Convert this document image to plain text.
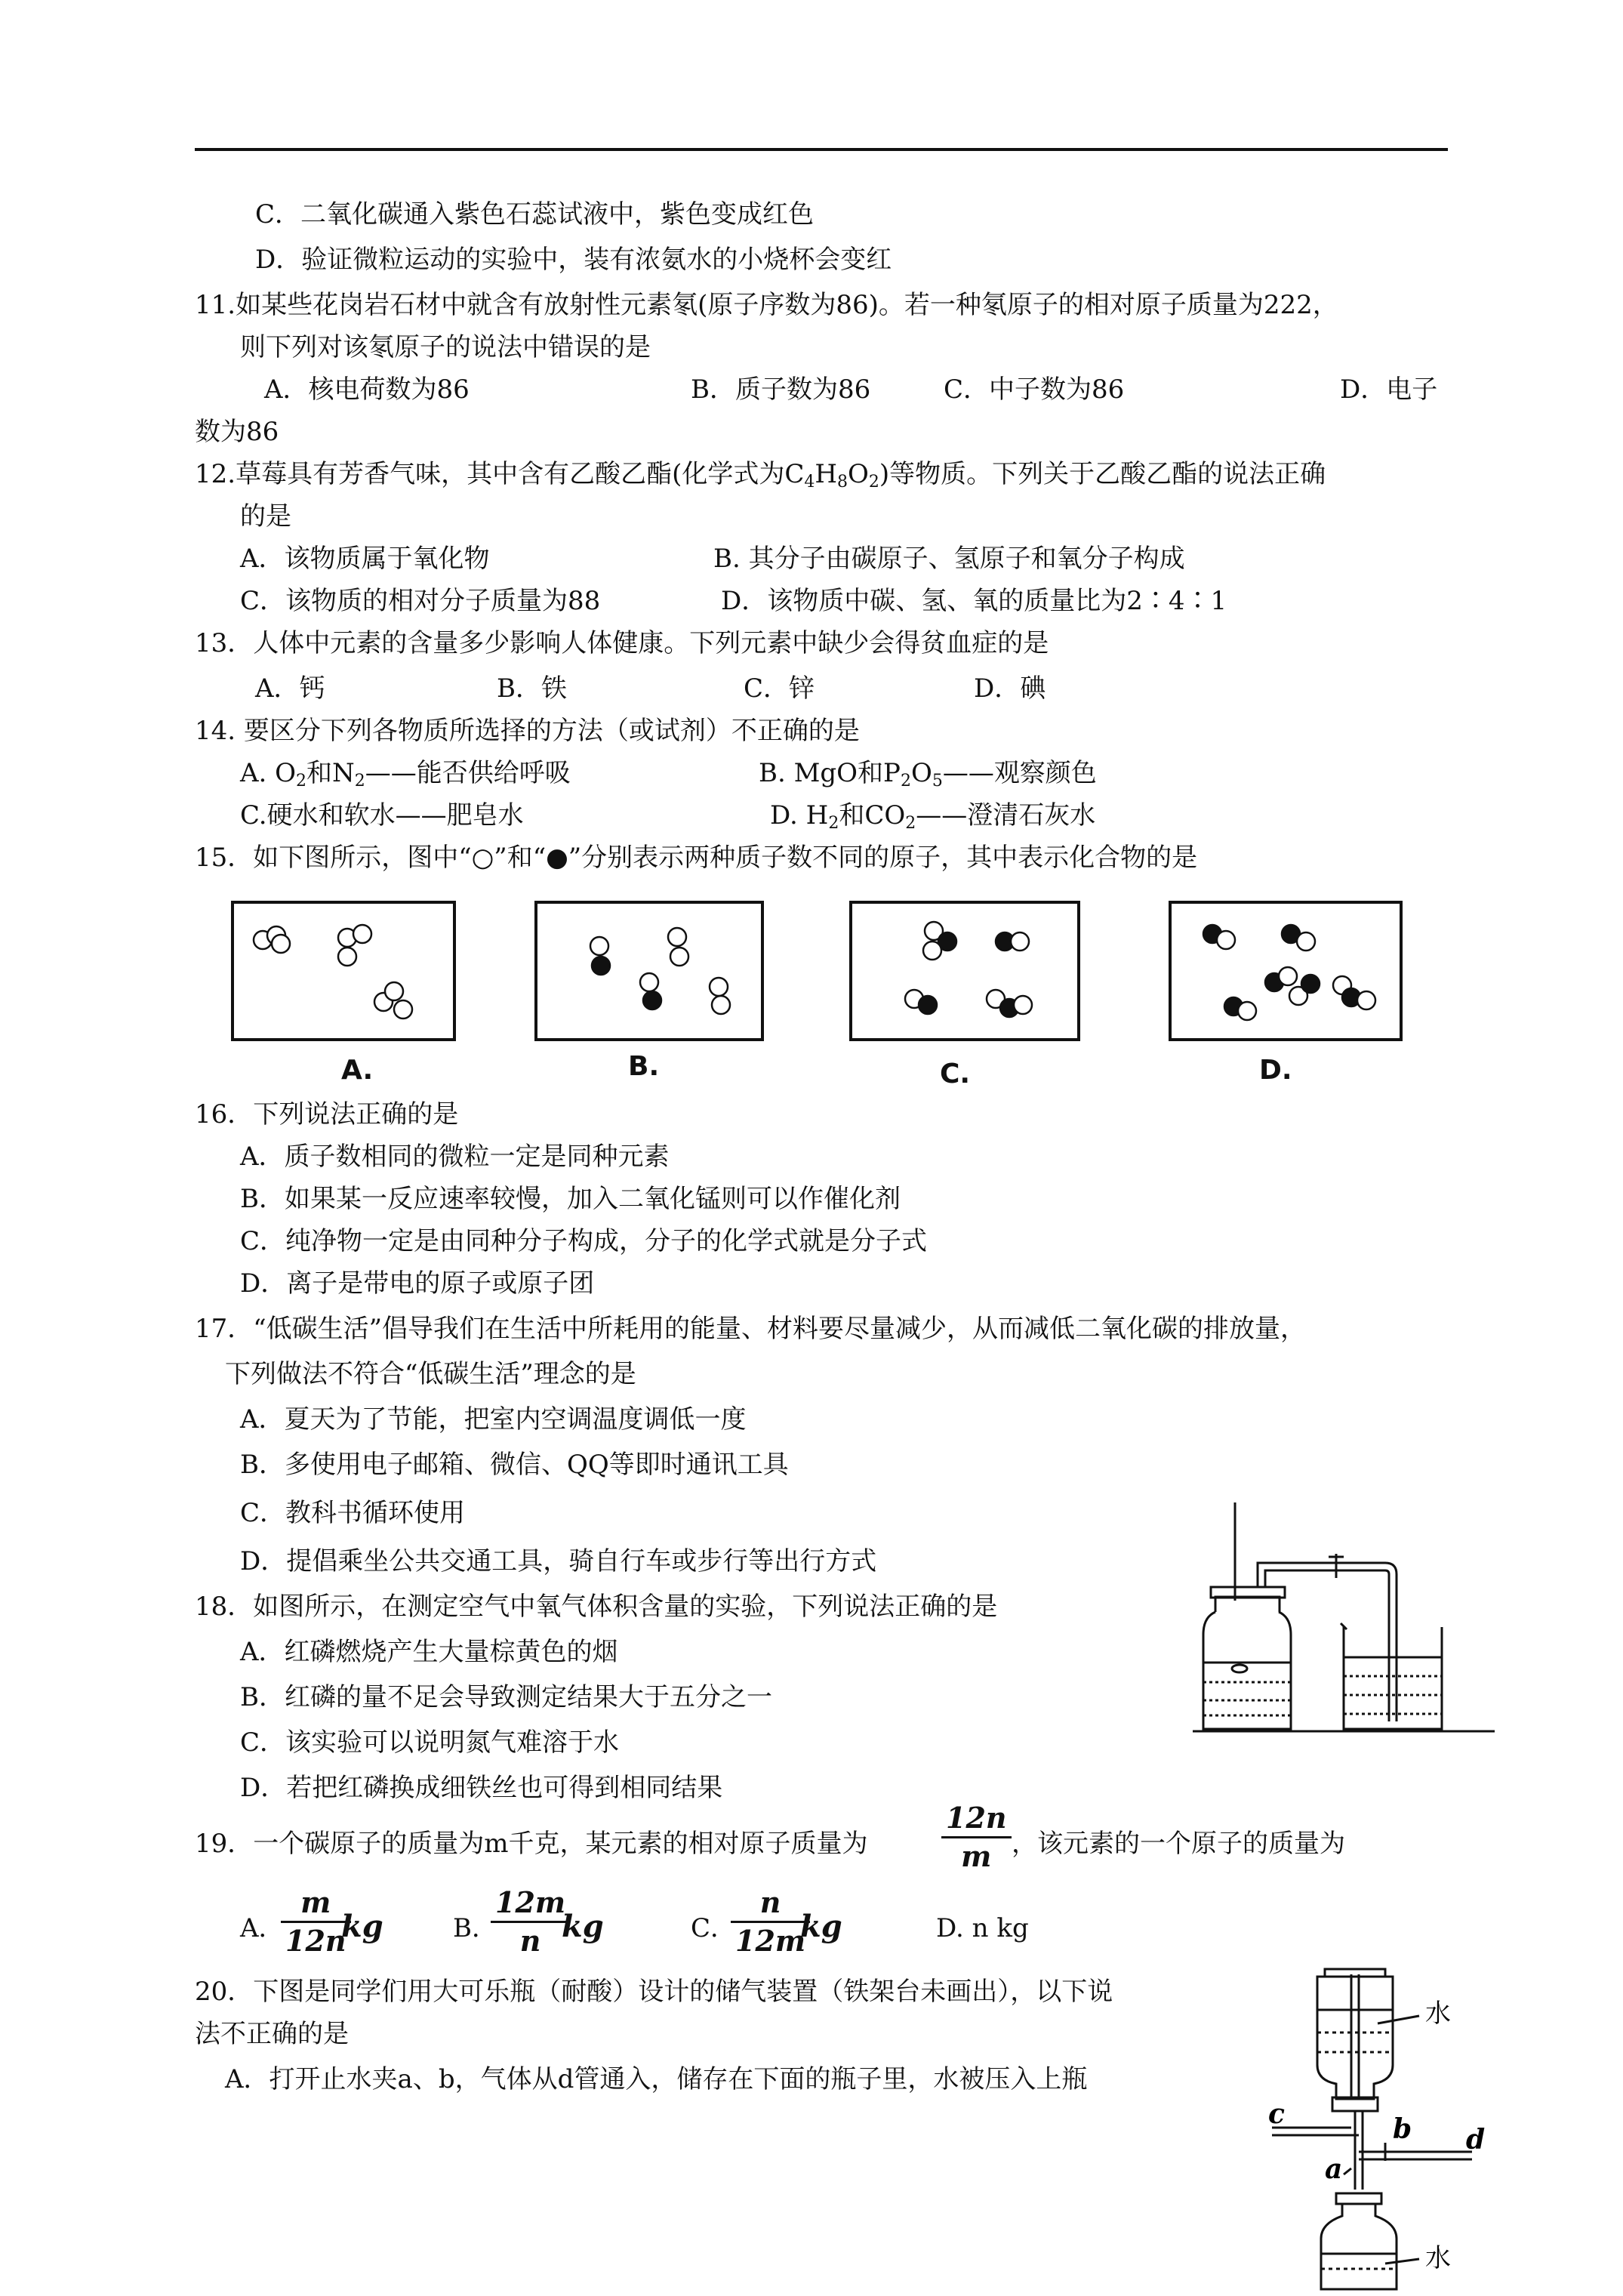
C．二氧化碳通入紫色石蕊试液中，紫色变成红色
D．验证微粒运动的实验中，装有浓氨水的小烧杯会变红
11.如某些花岗岩石材中就含有放射性元素氡(原子序数为86)。若一种氡原子的相对原子质量为222，
则下列对该氡原子的说法中错误的是
A．核电荷数为86	B．质子数为86	C．中子数为86	D．电子
数为86
12.草莓具有芳香气味，其中含有乙酸乙酯(化学式为$C_4H_8O_2$)等物质。下列关于乙酸乙酯的说法正确
的是
A．该物质属于氧化物	B. 其分子由碳原子、氢原子和氧分子构成
C．该物质的相对分子质量为88	D．该物质中碳、氢、氧的质量比为2∶4∶1
13．人体中元素的含量多少影响人体健康。下列元素中缺少会得贫血症的是
A．钙	B．铁	C．锌	D．碘
14. 要区分下列各物质所选择的方法（或试剂）不正确的是
A. $O_2$和$N_2——$能否供给呼吸	B. MgO和$P_2O_5——$观察颜色
C.硬水和软水——肥皂水	D. $H_2$和$CO_2——$澄清石灰水
15．如下图所示，图中“○”和“●”分别表示两种质子数不同的原子，其中表示化合物的是
A.	B.	C.	D.
16．下列说法正确的是
A．质子数相同的微粒一定是同种元素
B．如果某一反应速率较慢，加入二氧化锰则可以作催化剂
C．纯净物一定是由同种分子构成，分子的化学式就是分子式
D．离子是带电的原子或原子团
17．“低碳生活”倡导我们在生活中所耗用的能量、材料要尽量减少，从而减低二氧化碳的排放量，
下列做法不符合“低碳生活”理念的是
A．夏天为了节能，把室内空调温度调低一度
B．多使用电子邮箱、微信、QQ等即时通讯工具
C．教科书循环使用
D．提倡乘坐公共交通工具，骑自行车或步行等出行方式
18．如图所示，在测定空气中氧气体积含量的实验，下列说法正确的是
A．红磷燃烧产生大量棕黄色的烟
B．红磷的量不足会导致测定结果大于五分之一
C．该实验可以说明氮气难溶于水
D．若把红磷换成细铁丝也可得到相同结果
19．一个碳原子的质量为m千克，某元素的相对原子质量为	$\frac{12n}{m}$ ，该元素的一个原子的质量为
A．
$\frac{m}{12n}$
kg	B．
$\frac{12m}{n}$
kg	C．
$\frac{n}{12m}$
kg	D. n kg
20．下图是同学们用大可乐瓶（耐酸）设计的储气装置（铁架台未画出），以下说
法不正确的是
A．打开止水夹a、b，气体从d管通入，储存在下面的瓶子里，水被压入上瓶
水
水
c	b d
a
